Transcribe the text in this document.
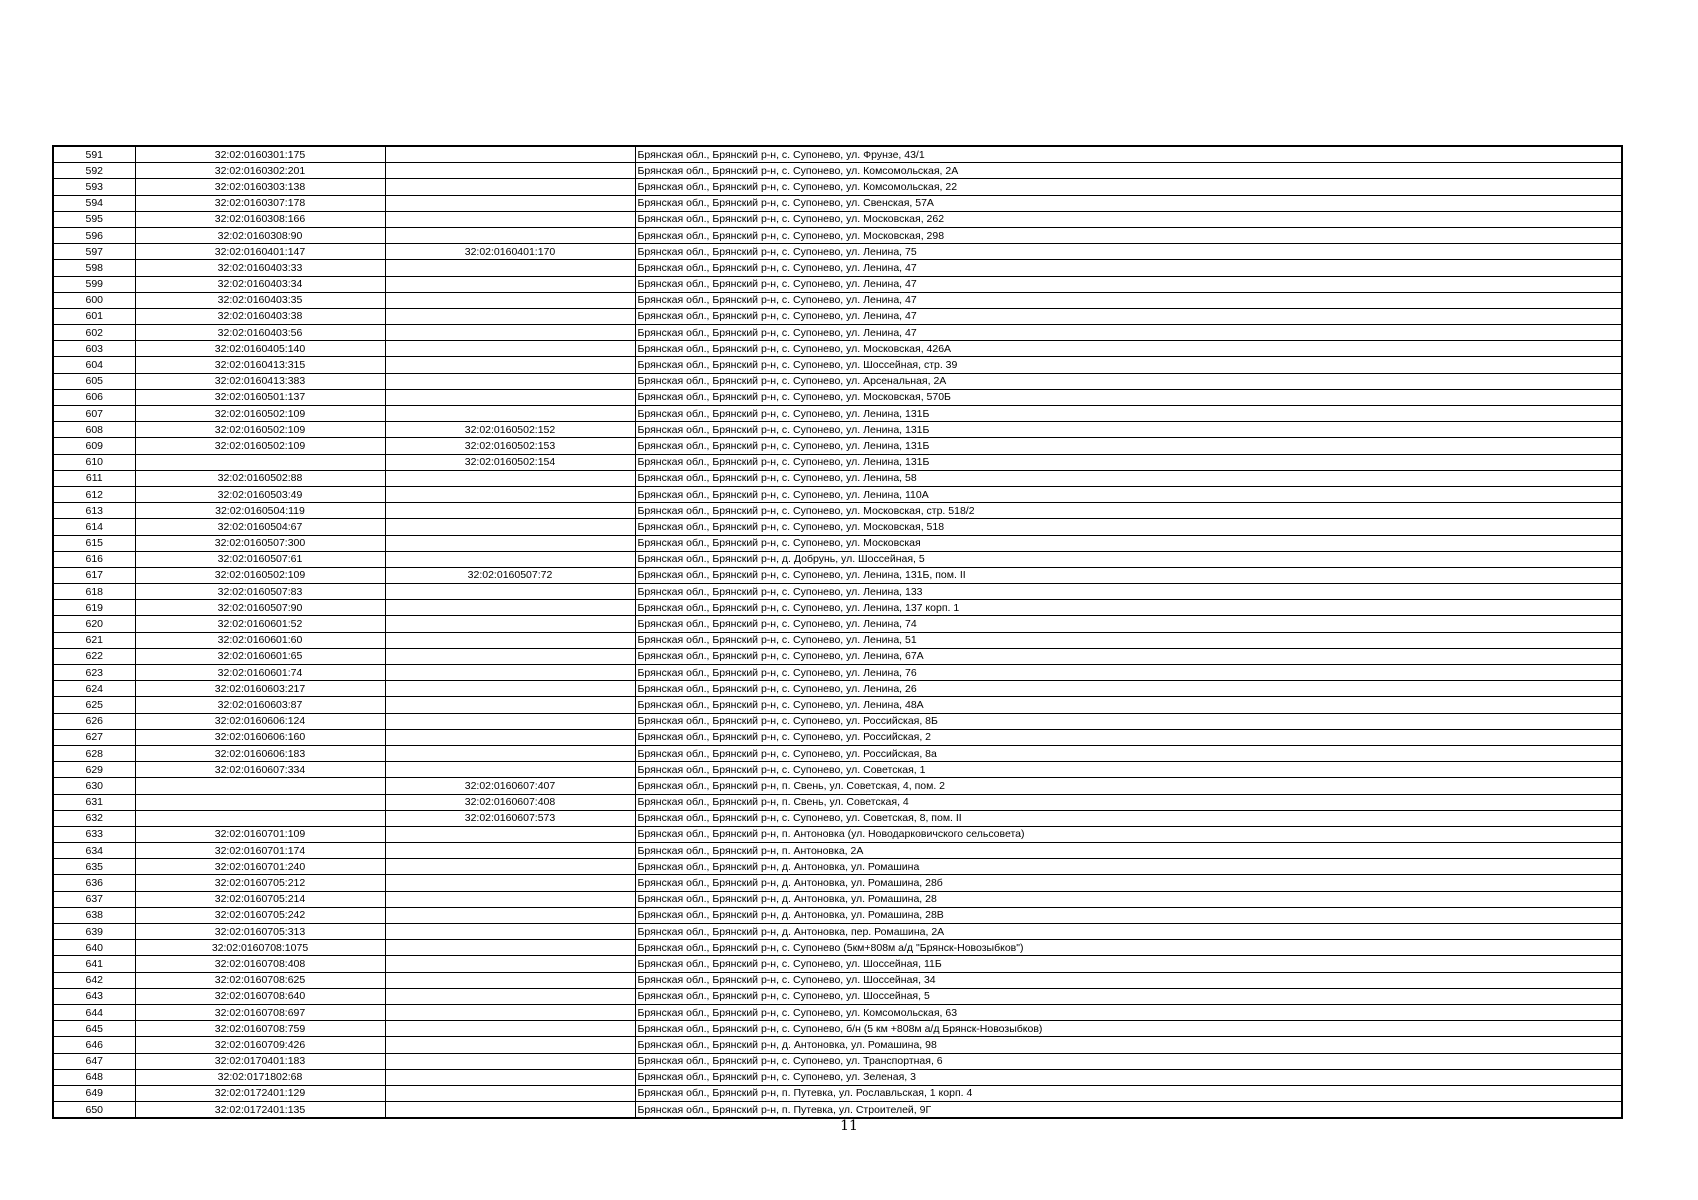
591	32:02:0160301:175		Брянская обл., Брянский р-н, с. Супонево, ул. Фрунзе, 43/1
592	32:02:0160302:201		Брянская обл., Брянский р-н, с. Супонево, ул. Комсомольская, 2А
593	32:02:0160303:138		Брянская обл., Брянский р-н, с. Супонево, ул. Комсомольская, 22
594	32:02:0160307:178		Брянская обл., Брянский р-н, с. Супонево, ул. Свенская, 57А
595	32:02:0160308:166		Брянская обл., Брянский р-н, с. Супонево, ул. Московская, 262
596	32:02:0160308:90		Брянская обл., Брянский р-н, с. Супонево, ул. Московская, 298
597	32:02:0160401:147	32:02:0160401:170	Брянская обл., Брянский р-н, с. Супонево, ул. Ленина, 75
598	32:02:0160403:33		Брянская обл., Брянский р-н, с. Супонево, ул. Ленина, 47
599	32:02:0160403:34		Брянская обл., Брянский р-н, с. Супонево, ул. Ленина, 47
600	32:02:0160403:35		Брянская обл., Брянский р-н, с. Супонево, ул. Ленина, 47
601	32:02:0160403:38		Брянская обл., Брянский р-н, с. Супонево, ул. Ленина, 47
602	32:02:0160403:56		Брянская обл., Брянский р-н, с. Супонево, ул. Ленина, 47
603	32:02:0160405:140		Брянская обл., Брянский р-н, с. Супонево, ул. Московская, 426А
604	32:02:0160413:315		Брянская обл., Брянский р-н, с. Супонево, ул. Шоссейная, стр. 39
605	32:02:0160413:383		Брянская обл., Брянский р-н, с. Супонево, ул. Арсенальная, 2А
606	32:02:0160501:137		Брянская обл., Брянский р-н, с. Супонево, ул. Московская, 570Б
607	32:02:0160502:109		Брянская обл., Брянский р-н, с. Супонево, ул. Ленина, 131Б
608	32:02:0160502:109	32:02:0160502:152	Брянская обл., Брянский р-н, с. Супонево, ул. Ленина, 131Б
609	32:02:0160502:109	32:02:0160502:153	Брянская обл., Брянский р-н, с. Супонево, ул. Ленина, 131Б
610		32:02:0160502:154	Брянская обл., Брянский р-н, с. Супонево, ул. Ленина, 131Б
611	32:02:0160502:88		Брянская обл., Брянский р-н, с. Супонево, ул. Ленина, 58
612	32:02:0160503:49		Брянская обл., Брянский р-н, с. Супонево, ул. Ленина, 110А
613	32:02:0160504:119		Брянская обл., Брянский р-н, с. Супонево, ул. Московская, стр. 518/2
614	32:02:0160504:67		Брянская обл., Брянский р-н, с. Супонево, ул. Московская, 518
615	32:02:0160507:300		Брянская обл., Брянский р-н, с. Супонево, ул. Московская
616	32:02:0160507:61		Брянская обл., Брянский р-н, д. Добрунь, ул. Шоссейная, 5
617	32:02:0160502:109	32:02:0160507:72	Брянская обл., Брянский р-н, с. Супонево, ул. Ленина, 131Б, пом. II
618	32:02:0160507:83		Брянская обл., Брянский р-н, с. Супонево, ул. Ленина, 133
619	32:02:0160507:90		Брянская обл., Брянский р-н, с. Супонево, ул. Ленина, 137 корп. 1
620	32:02:0160601:52		Брянская обл., Брянский р-н, с. Супонево, ул. Ленина, 74
621	32:02:0160601:60		Брянская обл., Брянский р-н, с. Супонево, ул. Ленина, 51
622	32:02:0160601:65		Брянская обл., Брянский р-н, с. Супонево, ул. Ленина, 67А
623	32:02:0160601:74		Брянская обл., Брянский р-н, с. Супонево, ул. Ленина, 76
624	32:02:0160603:217		Брянская обл., Брянский р-н, с. Супонево, ул. Ленина, 26
625	32:02:0160603:87		Брянская обл., Брянский р-н, с. Супонево, ул. Ленина, 48А
626	32:02:0160606:124		Брянская обл., Брянский р-н, с. Супонево, ул. Российская, 8Б
627	32:02:0160606:160		Брянская обл., Брянский р-н, с. Супонево, ул. Российская, 2
628	32:02:0160606:183		Брянская обл., Брянский р-н, с. Супонево, ул. Российская, 8а
629	32:02:0160607:334		Брянская обл., Брянский р-н, с. Супонево, ул. Советская, 1
630		32:02:0160607:407	Брянская обл., Брянский р-н, п. Свень, ул. Советская, 4, пом. 2
631		32:02:0160607:408	Брянская обл., Брянский р-н, п. Свень, ул. Советская, 4
632		32:02:0160607:573	Брянская обл., Брянский р-н, с. Супонево, ул. Советская, 8, пом. II
633	32:02:0160701:109		Брянская обл., Брянский р-н, п. Антоновка (ул. Новодарковичского сельсовета)
634	32:02:0160701:174		Брянская обл., Брянский р-н, п. Антоновка, 2А
635	32:02:0160701:240		Брянская обл., Брянский р-н, д. Антоновка, ул. Ромашина
636	32:02:0160705:212		Брянская обл., Брянский р-н, д. Антоновка, ул. Ромашина, 28б
637	32:02:0160705:214		Брянская обл., Брянский р-н, д. Антоновка, ул. Ромашина, 28
638	32:02:0160705:242		Брянская обл., Брянский р-н, д. Антоновка, ул. Ромашина, 28В
639	32:02:0160705:313		Брянская обл., Брянский р-н, д. Антоновка, пер. Ромашина, 2А
640	32:02:0160708:1075		Брянская обл., Брянский р-н, с. Супонево (5км+808м а/д "Брянск-Новозыбков")
641	32:02:0160708:408		Брянская обл., Брянский р-н, с. Супонево, ул. Шоссейная, 11Б
642	32:02:0160708:625		Брянская обл., Брянский р-н, с. Супонево, ул. Шоссейная, 34
643	32:02:0160708:640		Брянская обл., Брянский р-н, с. Супонево, ул. Шоссейная, 5
644	32:02:0160708:697		Брянская обл., Брянский р-н, с. Супонево, ул. Комсомольская, 63
645	32:02:0160708:759		Брянская обл., Брянский р-н, с. Супонево, б/н (5 км +808м а/д Брянск-Новозыбков)
646	32:02:0160709:426		Брянская обл., Брянский р-н, д. Антоновка, ул. Ромашина, 98
647	32:02:0170401:183		Брянская обл., Брянский р-н, с. Супонево, ул. Транспортная, 6
648	32:02:0171802:68		Брянская обл., Брянский р-н, с. Супонево, ул. Зеленая, 3
649	32:02:0172401:129		Брянская обл., Брянский р-н, п. Путевка, ул. Рославльская, 1 корп. 4
650	32:02:0172401:135		Брянская обл., Брянский р-н, п. Путевка, ул. Строителей, 9Г
11
